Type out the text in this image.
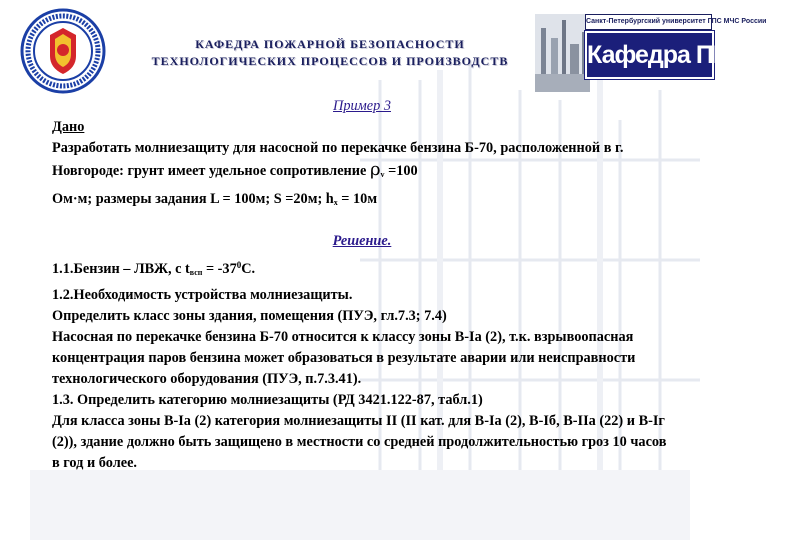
КАФЕДРА ПОЖАРНОЙ БЕЗОПАСНОСТИ
ТЕХНОЛОГИЧЕСКИХ ПРОЦЕССОВ И ПРОИЗВОДСТВ
Санкт-Петербургский университет ГПС МЧС России
Кафедра ПБТПиП

Пример 3

Дано

Разработать молниезащиту для насосной по перекачке бензина Б-70, расположенной в г. Новгороде: грунт имеет удельное сопротивление $\rho_v =100$

Ом·м; размеры задания L = 100м; S =20м; $h_x = 10м$

Решение.

1.1.Бензин – ЛВЖ, с $t_{всп} = -37^0С$.

1.2.Необходимость устройства молниезащиты.

Определить класс зоны здания, помещения (ПУЭ, гл.7.3; 7.4)

Насосная по перекачке бензина Б-70 относится к классу зоны В-Iа (2), т.к. взрывоопасная концентрация паров бензина может образоваться в результате аварии или неисправности технологического оборудования (ПУЭ, п.7.3.41).

1.3. Определить категорию молниезащиты (РД 3421.122-87, табл.1)

Для класса зоны В-Iа (2) категория молниезащиты II (II кат. для В-Iа (2), В-Iб, В-IIа (22) и В-Iг (2)), здание должно быть защищено в местности со средней продолжительностью гроз 10 часов в год и более.
